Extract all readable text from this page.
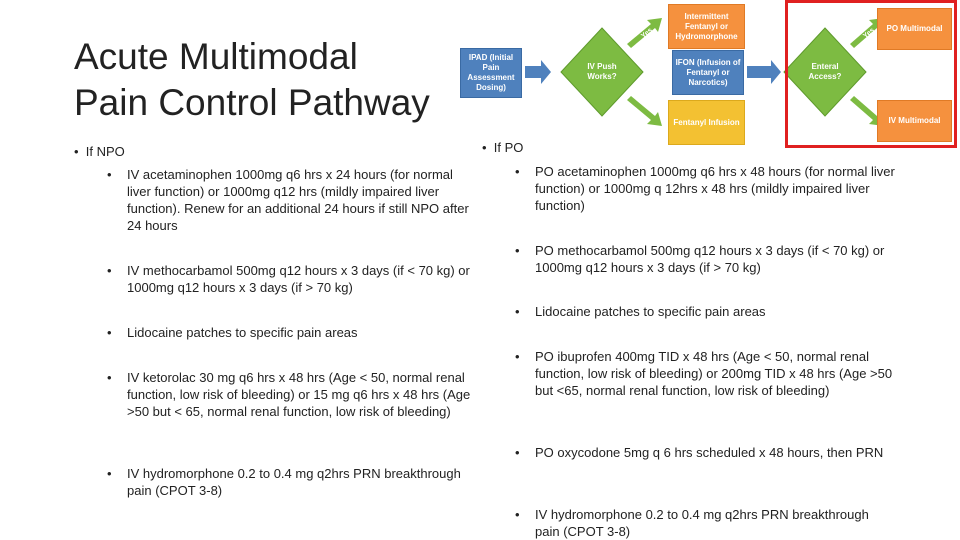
Acute Multimodal
Pain Control Pathway
IPAD (Initial Pain Assessment Dosing)
IV Push Works?
Yes
No
Intermittent Fentanyl or Hydromorphone
IFON (Infusion of Fentanyl or Narcotics)
Fentanyl Infusion
Enteral Access?
Yes
No
PO Multimodal
IV Multimodal
•  If NPO
• IV acetaminophen 1000mg q6 hrs x 24 hours (for normal liver function) or 1000mg q12 hrs (mildly impaired liver function). Renew for an additional 24 hours if still NPO after 24 hours
• IV methocarbamol 500mg q12 hours x 3 days (if < 70 kg) or 1000mg q12 hours x 3 days (if > 70 kg)
• Lidocaine patches to specific pain areas
• IV ketorolac 30 mg q6 hrs x 48 hrs (Age < 50, normal renal function, low risk of bleeding) or 15 mg q6 hrs x 48 hrs (Age >50 but < 65, normal renal function, low risk of bleeding)
• IV hydromorphone 0.2 to 0.4 mg q2hrs PRN breakthrough pain (CPOT 3-8)
•  If PO
• PO acetaminophen 1000mg q6 hrs x 48 hours (for normal liver function) or 1000mg q 12hrs x 48 hrs (mildly impaired liver function)
• PO methocarbamol 500mg q12 hours x 3 days (if < 70 kg) or 1000mg q12 hours x 3 days (if > 70 kg)
• Lidocaine patches to specific pain areas
• PO ibuprofen 400mg TID x 48 hrs (Age < 50, normal renal function, low risk of bleeding) or 200mg TID x 48 hrs (Age >50 but <65, normal renal function, low risk of bleeding)
• PO oxycodone 5mg q 6 hrs scheduled x 48 hours, then PRN
• IV hydromorphone 0.2 to 0.4 mg q2hrs PRN breakthrough pain (CPOT 3-8)
